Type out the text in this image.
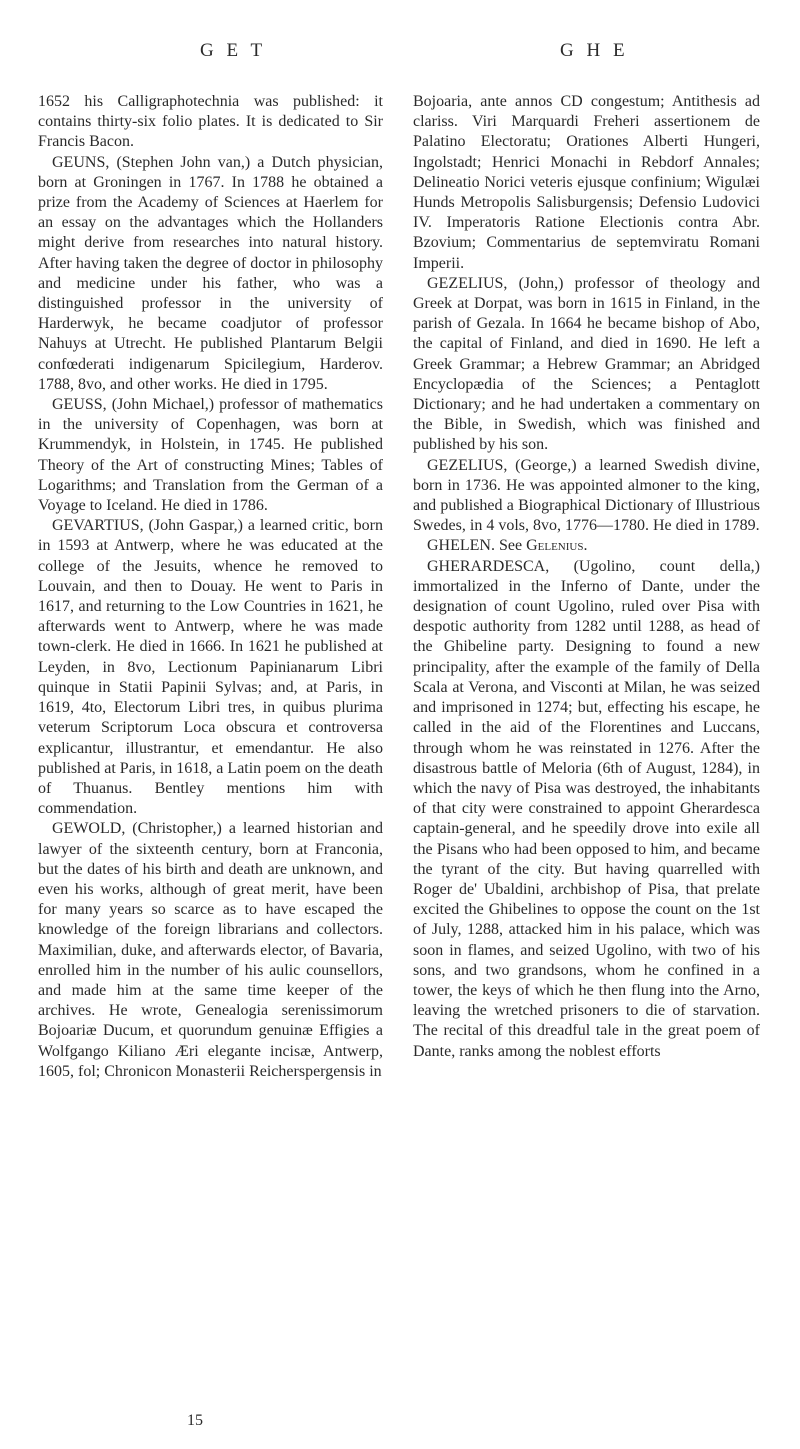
G E T	G H E

1652 his Calligraphotechnia was published: it contains thirty-six folio plates. It is dedicated to Sir Francis Bacon.

GEUNS, (Stephen John van,) a Dutch physician, born at Groningen in 1767. In 1788 he obtained a prize from the Academy of Sciences at Haerlem for an essay on the advantages which the Hollanders might derive from researches into natural history. After having taken the degree of doctor in philosophy and medicine under his father, who was a distinguished professor in the university of Harderwyk, he became coadjutor of professor Nahuys at Utrecht. He published Plantarum Belgii confœderati indigenarum Spicilegium, Harderov. 1788, 8vo, and other works. He died in 1795.

GEUSS, (John Michael,) professor of mathematics in the university of Copenhagen, was born at Krummendyk, in Holstein, in 1745. He published Theory of the Art of constructing Mines; Tables of Logarithms; and Translation from the German of a Voyage to Iceland. He died in 1786.

GEVARTIUS, (John Gaspar,) a learned critic, born in 1593 at Antwerp, where he was educated at the college of the Jesuits, whence he removed to Louvain, and then to Douay. He went to Paris in 1617, and returning to the Low Countries in 1621, he afterwards went to Antwerp, where he was made town-clerk. He died in 1666. In 1621 he published at Leyden, in 8vo, Lectionum Papinianarum Libri quinque in Statii Papinii Sylvas; and, at Paris, in 1619, 4to, Electorum Libri tres, in quibus plurima veterum Scriptorum Loca obscura et controversa explicantur, illustrantur, et emendantur. He also published at Paris, in 1618, a Latin poem on the death of Thuanus. Bentley mentions him with commendation.

GEWOLD, (Christopher,) a learned historian and lawyer of the sixteenth century, born at Franconia, but the dates of his birth and death are unknown, and even his works, although of great merit, have been for many years so scarce as to have escaped the knowledge of the foreign librarians and collectors. Maximilian, duke, and afterwards elector, of Bavaria, enrolled him in the number of his aulic counsellors, and made him at the same time keeper of the archives. He wrote, Genealogia serenissimorum Bojoariæ Ducum, et quorundum genuinæ Effigies a Wolfgango Kiliano Æri elegante incisæ, Antwerp, 1605, fol; Chronicon Monasterii Reicherspergensis in

Bojoaria, ante annos CD congestum; Antithesis ad clariss. Viri Marquardi Freheri assertionem de Palatino Electoratu; Orationes Alberti Hungeri, Ingolstadt; Henrici Monachi in Rebdorf Annales; Delineatio Norici veteris ejusque confinium; Wigulæi Hunds Metropolis Salisburgensis; Defensio Ludovici IV. Imperatoris Ratione Electionis contra Abr. Bzovium; Commentarius de septemviratu Romani Imperii.

GEZELIUS, (John,) professor of theology and Greek at Dorpat, was born in 1615 in Finland, in the parish of Gezala. In 1664 he became bishop of Abo, the capital of Finland, and died in 1690. He left a Greek Grammar; a Hebrew Grammar; an Abridged Encyclopædia of the Sciences; a Pentaglott Dictionary; and he had undertaken a commentary on the Bible, in Swedish, which was finished and published by his son.

GEZELIUS, (George,) a learned Swedish divine, born in 1736. He was appointed almoner to the king, and published a Biographical Dictionary of Illustrious Swedes, in 4 vols, 8vo, 1776—1780. He died in 1789.

GHELEN. See Gelenius.

GHERARDESCA, (Ugolino, count della,) immortalized in the Inferno of Dante, under the designation of count Ugolino, ruled over Pisa with despotic authority from 1282 until 1288, as head of the Ghibeline party. Designing to found a new principality, after the example of the family of Della Scala at Verona, and Visconti at Milan, he was seized and imprisoned in 1274; but, effecting his escape, he called in the aid of the Florentines and Luccans, through whom he was reinstated in 1276. After the disastrous battle of Meloria (6th of August, 1284), in which the navy of Pisa was destroyed, the inhabitants of that city were constrained to appoint Gherardesca captain-general, and he speedily drove into exile all the Pisans who had been opposed to him, and became the tyrant of the city. But having quarrelled with Roger de' Ubaldini, archbishop of Pisa, that prelate excited the Ghibelines to oppose the count on the 1st of July, 1288, attacked him in his palace, which was soon in flames, and seized Ugolino, with two of his sons, and two grandsons, whom he confined in a tower, the keys of which he then flung into the Arno, leaving the wretched prisoners to die of starvation. The recital of this dreadful tale in the great poem of Dante, ranks among the noblest efforts

15
